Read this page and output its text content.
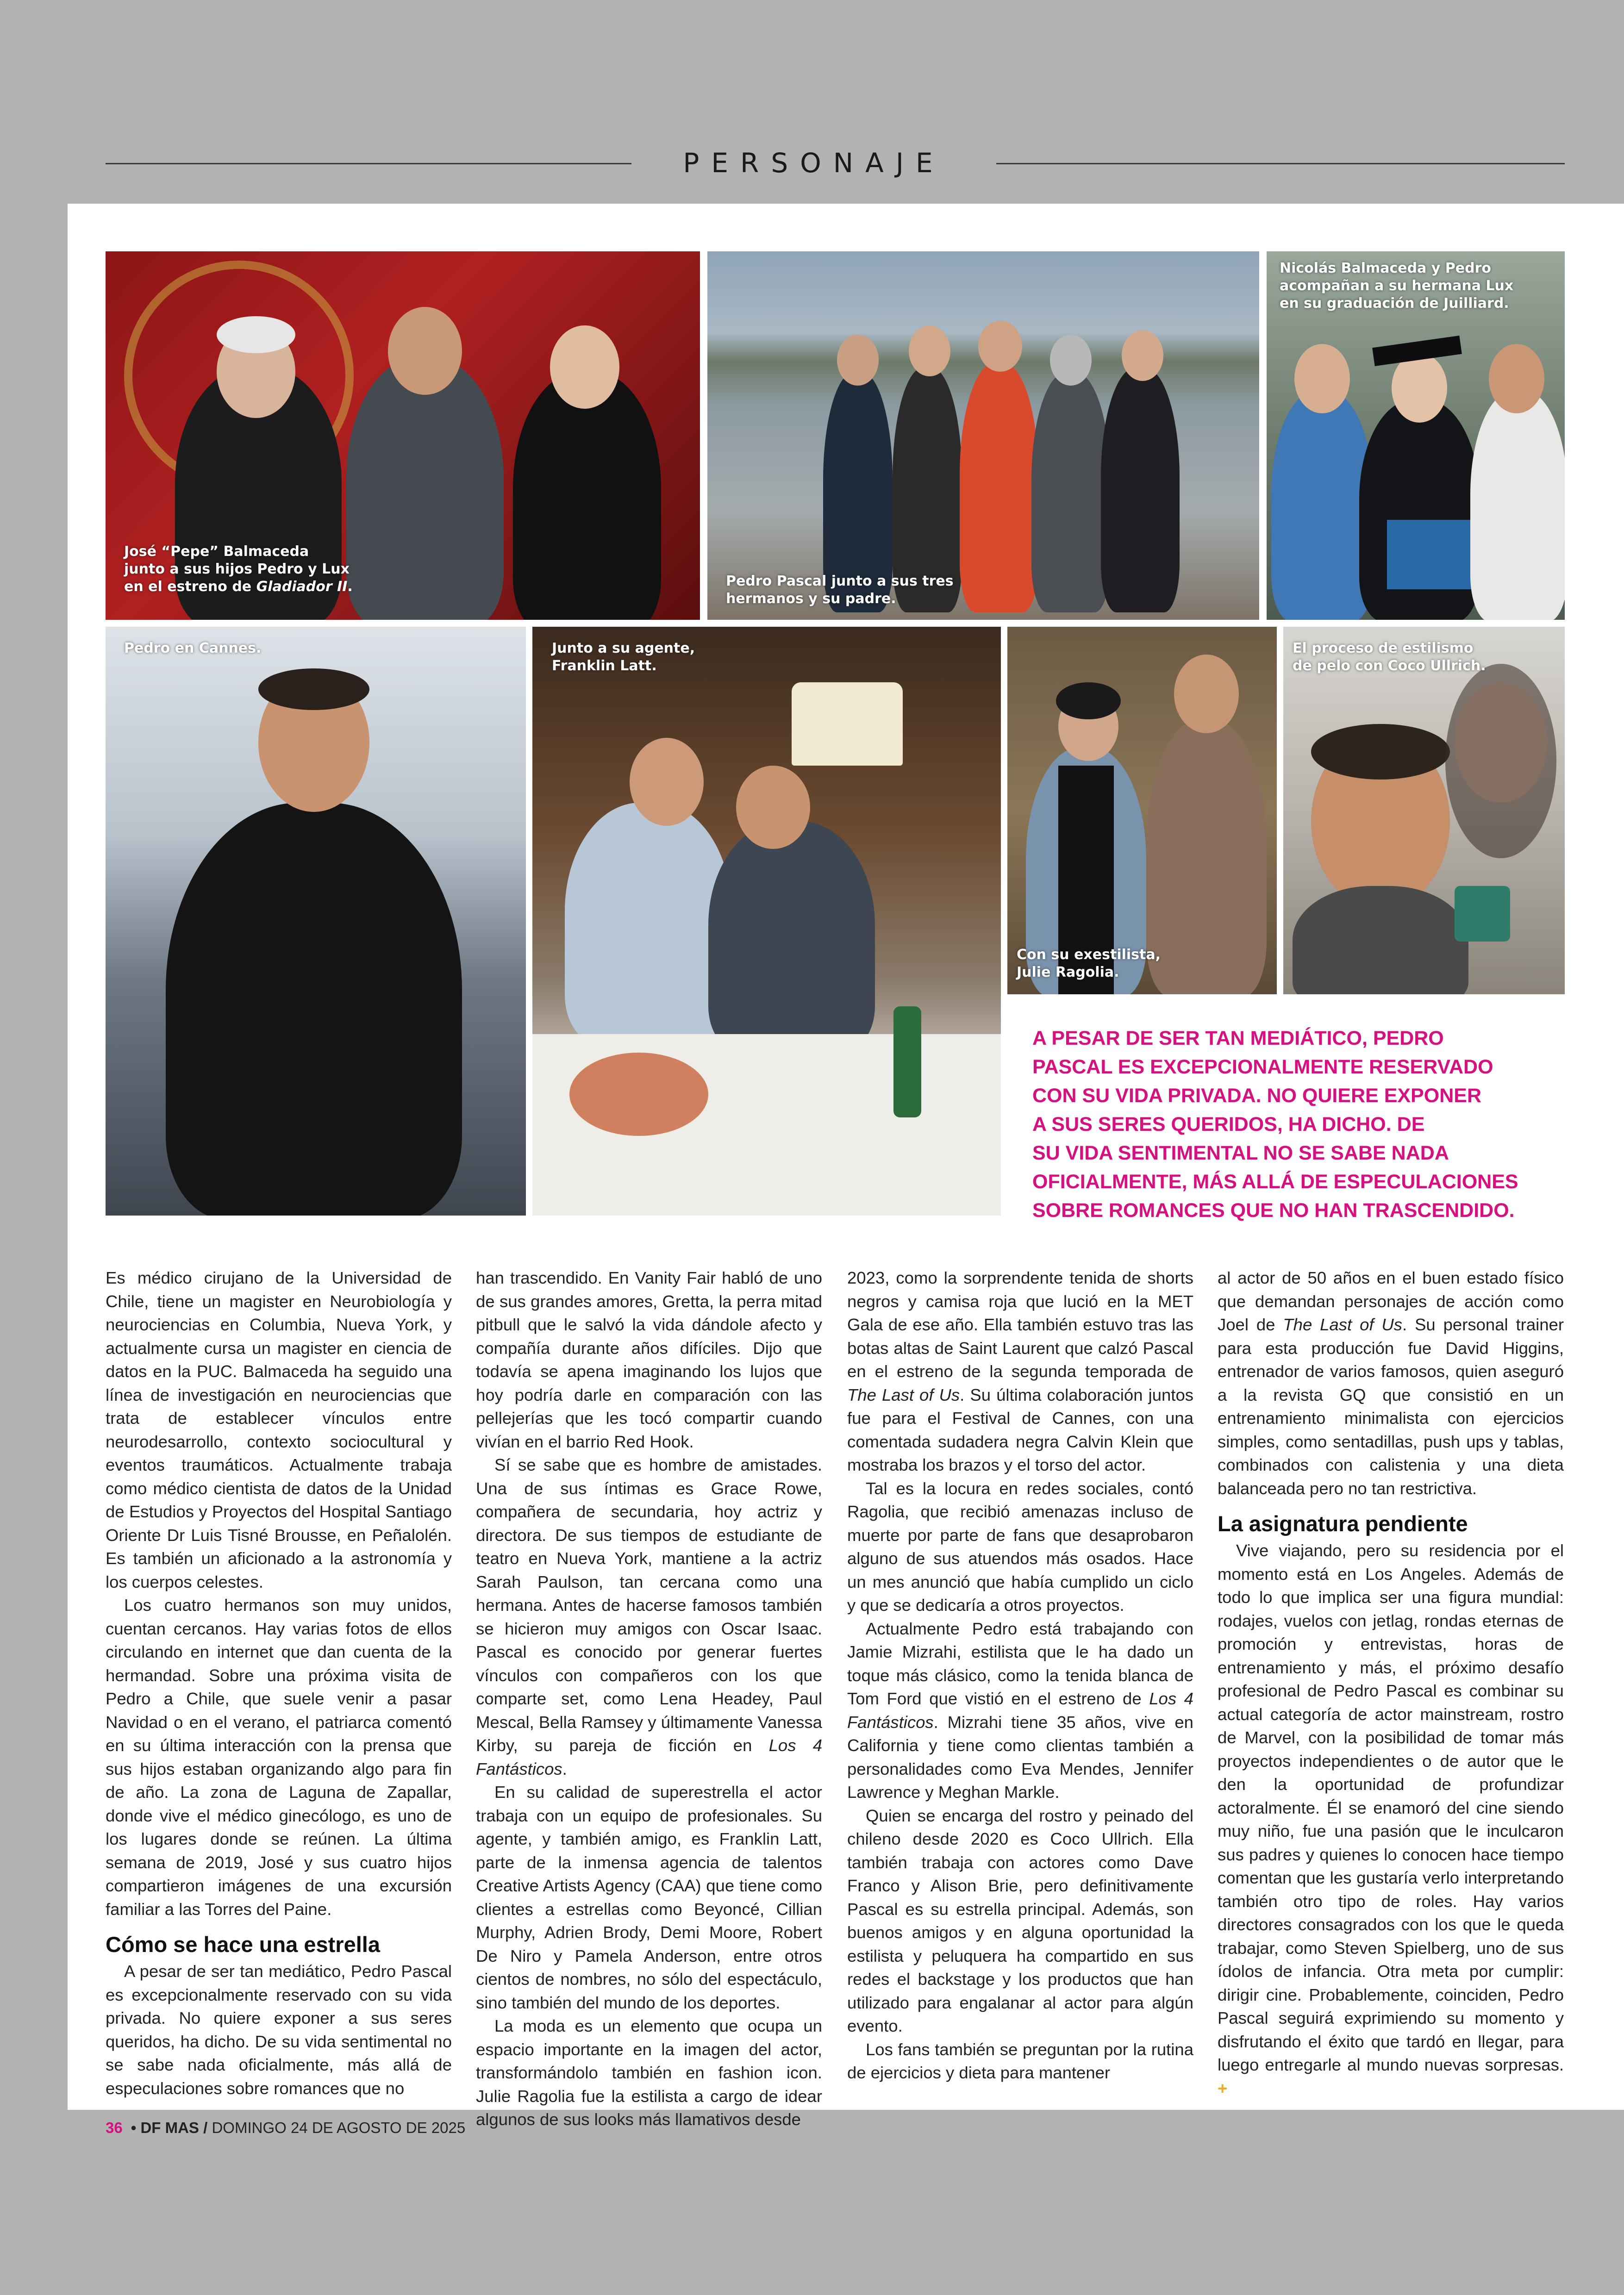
PERSONAJE
José “Pepe” Balmaceda
junto a sus hijos Pedro y Lux
en el estreno de Gladiador II.	Pedro Pascal junto a sus tres
hermanos y su padre.
Nicolás Balmaceda y Pedro
acompañan a su hermana Lux
en su graduación de Juilliard.
Pedro en Cannes.	Junto a su agente,
Franklin Latt.
Con su exestilista,
Julie Ragolia.
El proceso de estilismo
de pelo con Coco Ullrich.
A PESAR DE SER TAN MEDIÁTICO, PEDRO
PASCAL ES EXCEPCIONALMENTE RESERVADO
CON SU VIDA PRIVADA. NO QUIERE EXPONER
A SUS SERES QUERIDOS, HA DICHO. DE
SU VIDA SENTIMENTAL NO SE SABE NADA
OFICIALMENTE, MÁS ALLÁ DE ESPECULACIONES
SOBRE ROMANCES QUE NO HAN TRASCENDIDO.

Es médico cirujano de la Universidad de Chile, tiene un magister en Neurobiología y neurociencias en Columbia, Nueva York, y actualmente cursa un magister en ciencia de datos en la PUC. Balmaceda ha seguido una línea de investigación en neurociencias que trata de establecer vínculos entre neurodesarrollo, contexto sociocultural y eventos traumáticos. Actualmente trabaja como médico cientista de datos de la Unidad de Estudios y Proyectos del Hospital Santiago Oriente Dr Luis Tisné Brousse, en Peñalolén. Es también un aficionado a la astronomía y los cuerpos celestes.

Los cuatro hermanos son muy unidos, cuentan cercanos. Hay varias fotos de ellos circulando en internet que dan cuenta de la hermandad. Sobre una próxima visita de Pedro a Chile, que suele venir a pasar Navidad o en el verano, el patriarca comentó en su última interacción con la prensa que sus hijos estaban organizando algo para fin de año. La zona de Laguna de Zapallar, donde vive el médico ginecólogo, es uno de los lugares donde se reúnen. La última semana de 2019, José y sus cuatro hijos compartieron imágenes de una excursión familiar a las Torres del Paine.

Cómo se hace una estrella

A pesar de ser tan mediático, Pedro Pascal es excepcionalmente reservado con su vida privada. No quiere exponer a sus seres queridos, ha dicho. De su vida sentimental no se sabe nada oficialmente, más allá de especulaciones sobre romances que no

han trascendido. En Vanity Fair habló de uno de sus grandes amores, Gretta, la perra mitad pitbull que le salvó la vida dándole afecto y compañía durante años difíciles. Dijo que todavía se apena imaginando los lujos que hoy podría darle en comparación con las pellejerías que les tocó compartir cuando vivían en el barrio Red Hook.

Sí se sabe que es hombre de amistades. Una de sus íntimas es Grace Rowe, compañera de secundaria, hoy actriz y directora. De sus tiempos de estudiante de teatro en Nueva York, mantiene a la actriz Sarah Paulson, tan cercana como una hermana. Antes de hacerse famosos también se hicieron muy amigos con Oscar Isaac. Pascal es conocido por generar fuertes vínculos con compañeros con los que comparte set, como Lena Headey, Paul Mescal, Bella Ramsey y últimamente Vanessa Kirby, su pareja de ficción en Los 4 Fantásticos.

En su calidad de superestrella el actor trabaja con un equipo de profesionales. Su agente, y también amigo, es Franklin Latt, parte de la inmensa agencia de talentos Creative Artists Agency (CAA) que tiene como clientes a estrellas como Beyoncé, Cillian Murphy, Adrien Brody, Demi Moore, Robert De Niro y Pamela Anderson, entre otros cientos de nombres, no sólo del espectáculo, sino también del mundo de los deportes.

La moda es un elemento que ocupa un espacio importante en la imagen del actor, transformándolo también en fashion icon. Julie Ragolia fue la estilista a cargo de idear algunos de sus looks más llamativos desde

2023, como la sorprendente tenida de shorts negros y camisa roja que lució en la MET Gala de ese año. Ella también estuvo tras las botas altas de Saint Laurent que calzó Pascal en el estreno de la segunda temporada de The Last of Us. Su última colaboración juntos fue para el Festival de Cannes, con una comentada sudadera negra Calvin Klein que mostraba los brazos y el torso del actor.

Tal es la locura en redes sociales, contó Ragolia, que recibió amenazas incluso de muerte por parte de fans que desaprobaron alguno de sus atuendos más osados. Hace un mes anunció que había cumplido un ciclo y que se dedicaría a otros proyectos.

Actualmente Pedro está trabajando con Jamie Mizrahi, estilista que le ha dado un toque más clásico, como la tenida blanca de Tom Ford que vistió en el estreno de Los 4 Fantásticos. Mizrahi tiene 35 años, vive en California y tiene como clientas también a personalidades como Eva Mendes, Jennifer Lawrence y Meghan Markle.

Quien se encarga del rostro y peinado del chileno desde 2020 es Coco Ullrich. Ella también trabaja con actores como Dave Franco y Alison Brie, pero definitivamente Pascal es su estrella principal. Además, son buenos amigos y en alguna oportunidad la estilista y peluquera ha compartido en sus redes el backstage y los productos que han utilizado para engalanar al actor para algún evento.

Los fans también se preguntan por la rutina de ejercicios y dieta para mantener

al actor de 50 años en el buen estado físico que demandan personajes de acción como Joel de The Last of Us. Su personal trainer para esta producción fue David Higgins, entrenador de varios famosos, quien aseguró a la revista GQ que consistió en un entrenamiento minimalista con ejercicios simples, como sentadillas, push ups y tablas, combinados con calistenia y una dieta balanceada pero no tan restrictiva.

La asignatura pendiente

Vive viajando, pero su residencia por el momento está en Los Angeles. Además de todo lo que implica ser una figura mundial: rodajes, vuelos con jetlag, rondas eternas de promoción y entrevistas, horas de entrenamiento y más, el próximo desafío profesional de Pedro Pascal es combinar su actual categoría de actor mainstream, rostro de Marvel, con la posibilidad de tomar más proyectos independientes o de autor que le den la oportunidad de profundizar actoralmente. Él se enamoró del cine siendo muy niño, fue una pasión que le inculcaron sus padres y quienes lo conocen hace tiempo comentan que les gustaría verlo interpretando también otro tipo de roles. Hay varios directores consagrados con los que le queda trabajar, como Steven Spielberg, uno de sus ídolos de infancia. Otra meta por cumplir: dirigir cine. Probablemente, coinciden, Pedro Pascal seguirá exprimiendo su momento y disfrutando el éxito que tardó en llegar, para luego entregarle al mundo nuevas sorpresas. +

36 • DF MAS / DOMINGO 24 DE AGOSTO DE 2025
